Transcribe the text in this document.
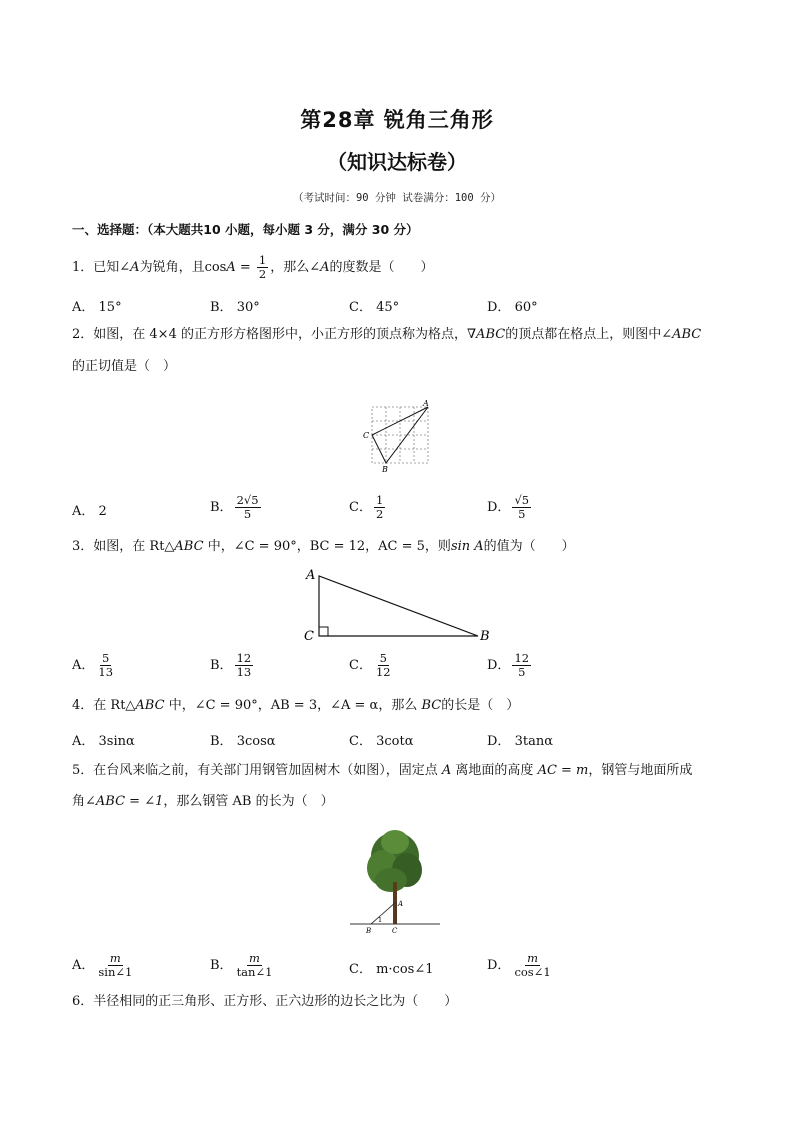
第28章 锐角三角形
（知识达标卷）
（考试时间：90 分钟 试卷满分：100 分）
一、选择题：（本大题共10 小题，每小题 3 分，满分 30 分）
1．已知∠A为锐角，且$\cos A = \frac{1}{2}$ ，那么∠A的度数是（　　）
A． 15°	B． 30°	C． 45°	D． 60°
2．如图，在 4×4 的正方形方格图形中，小正方形的顶点称为格点，∇ABC的顶点都在格点上，则图中∠ABC
的正切值是（　）
A
C
B
A． 2	B． $\frac{2√5}{5}$	C． $\frac{1}{2}$	D． $\frac{√5}{5}$
3．如图，在 Rt△ABC 中，∠C = 90°，BC = 12，AC = 5，则sin A的值为（　　）
A
C	B
A． $\frac{5}{13}$	B． $\frac{12}{13}$	C． $\frac{5}{12}$	D． $\frac{12}{5}$
4．在 Rt△ABC 中，∠C = 90°，AB = 3，∠A = α，那么 BC的长是（　）
A． 3sinα	B． 3cosα	C． 3cotα	D． 3tanα
5．在台风来临之前，有关部门用钢管加固树木（如图），固定点 A 离地面的高度 AC = m，钢管与地面所成
角∠ABC = ∠1，那么钢管 AB 的长为（　）
A
B	C
1
A． $\frac{m}{\sin\angle 1}$	B． $\frac{m}{\tan\angle 1}$	C． m·cos∠1	D． $\frac{m}{\cos\angle 1}$
6．半径相同的正三角形、正方形、正六边形的边长之比为（　　）
